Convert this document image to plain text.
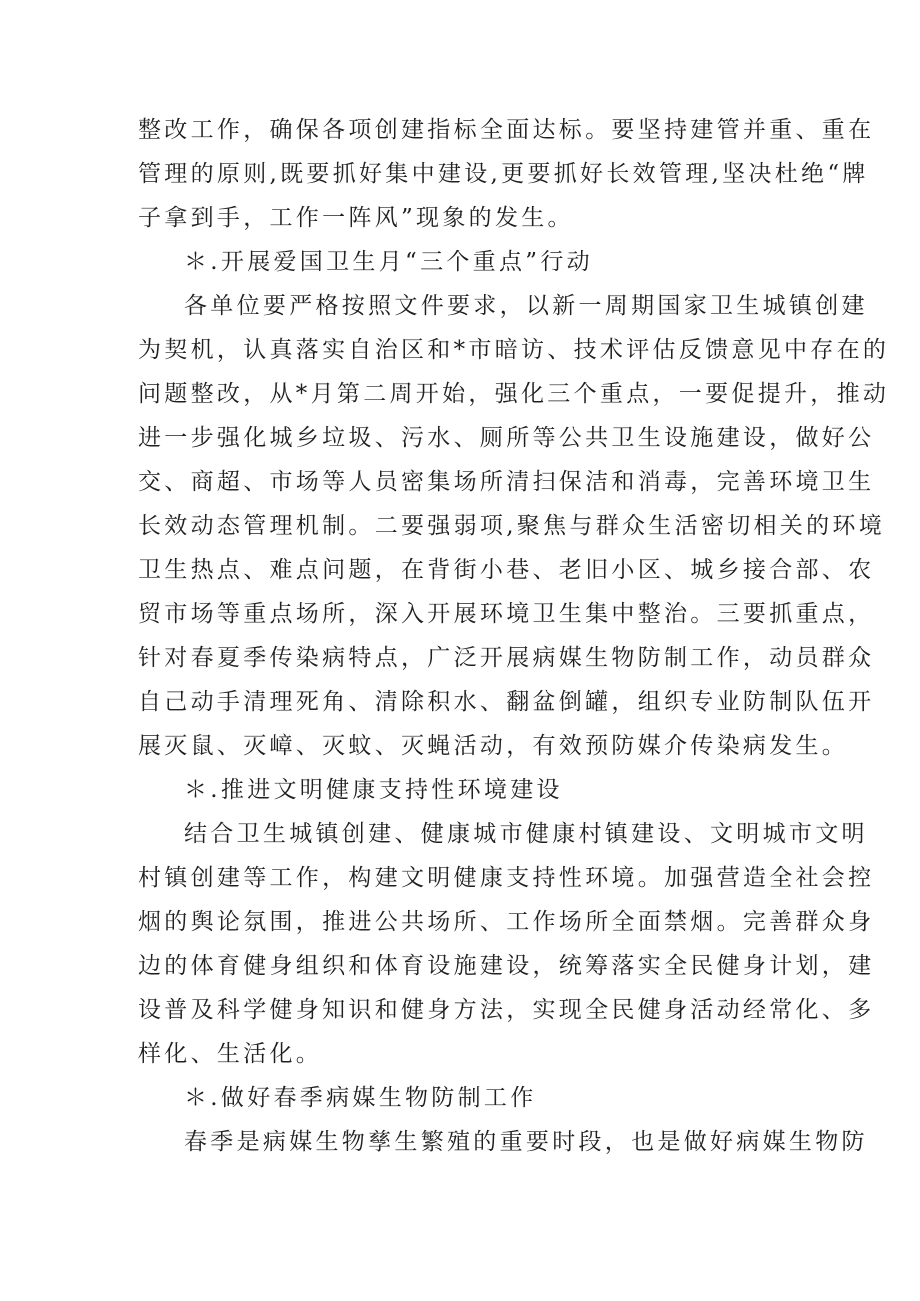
整改工作，确保各项创建指标全面达标。要坚持建管并重、重在
管理的原则,既要抓好集中建设,更要抓好长效管理,坚决杜绝“牌
子拿到手，工作一阵风”现象的发生。
＊.开展爱国卫生月“三个重点”行动
各单位要严格按照文件要求，以新一周期国家卫生城镇创建
为契机，认真落实自治区和*市暗访、技术评估反馈意见中存在的
问题整改，从*月第二周开始，强化三个重点，一要促提升，推动
进一步强化城乡垃圾、污水、厕所等公共卫生设施建设，做好公
交、商超、市场等人员密集场所清扫保洁和消毒，完善环境卫生
长效动态管理机制。二要强弱项,聚焦与群众生活密切相关的环境
卫生热点、难点问题，在背街小巷、老旧小区、城乡接合部、农
贸市场等重点场所，深入开展环境卫生集中整治。三要抓重点，
针对春夏季传染病特点，广泛开展病媒生物防制工作，动员群众
自己动手清理死角、清除积水、翻盆倒罐，组织专业防制队伍开
展灭鼠、灭嶂、灭蚊、灭蝇活动，有效预防媒介传染病发生。
＊.推进文明健康支持性环境建设
结合卫生城镇创建、健康城市健康村镇建设、文明城市文明
村镇创建等工作，构建文明健康支持性环境。加强营造全社会控
烟的舆论氛围，推进公共场所、工作场所全面禁烟。完善群众身
边的体育健身组织和体育设施建设，统筹落实全民健身计划，建
设普及科学健身知识和健身方法，实现全民健身活动经常化、多
样化、生活化。
＊.做好春季病媒生物防制工作
春季是病媒生物孳生繁殖的重要时段，也是做好病媒生物防
